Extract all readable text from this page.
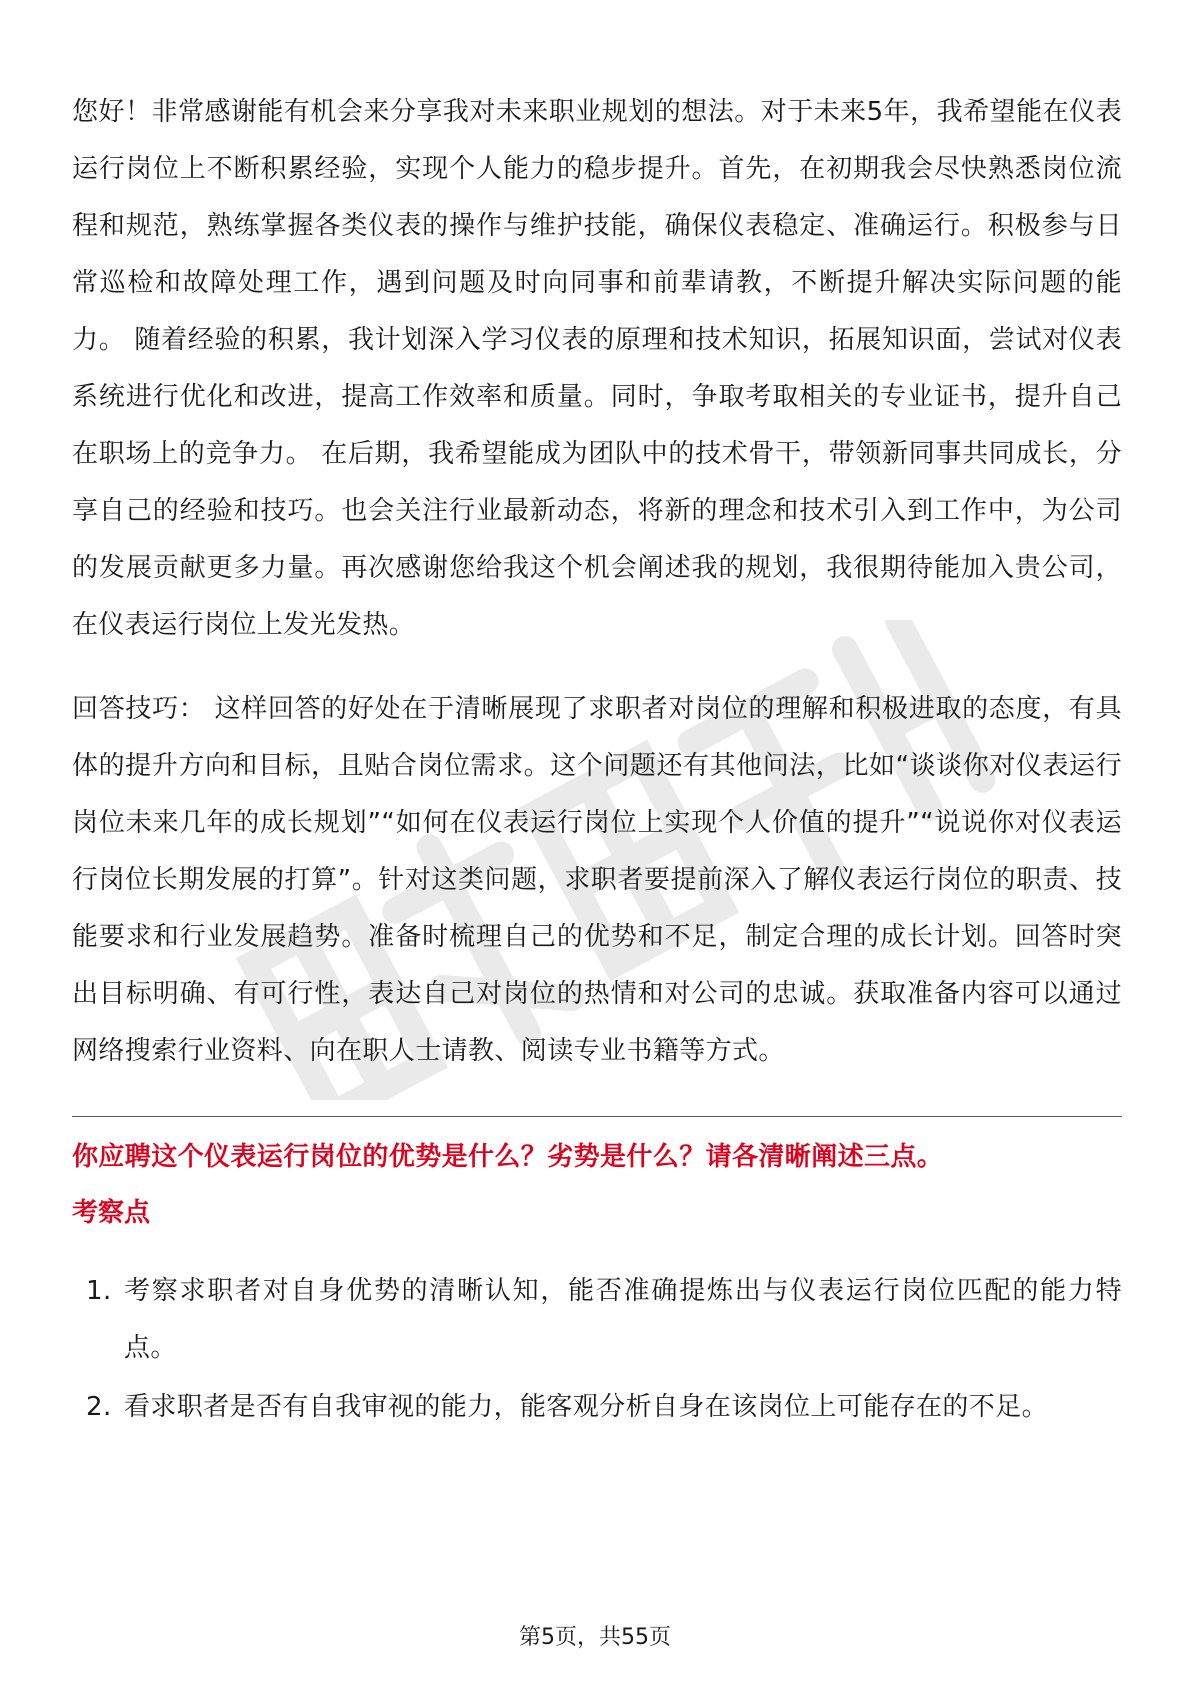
您好！非常感谢能有机会来分享我对未来职业规划的想法。对于未来5年，我希望能在仪表运行岗位上不断积累经验，实现个人能力的稳步提升。首先，在初期我会尽快熟悉岗位流程和规范，熟练掌握各类仪表的操作与维护技能，确保仪表稳定、准确运行。积极参与日常巡检和故障处理工作，遇到问题及时向同事和前辈请教，不断提升解决实际问题的能力。 随着经验的积累，我计划深入学习仪表的原理和技术知识，拓展知识面，尝试对仪表系统进行优化和改进，提高工作效率和质量。同时，争取考取相关的专业证书，提升自己在职场上的竞争力。 在后期，我希望能成为团队中的技术骨干，带领新同事共同成长，分享自己的经验和技巧。也会关注行业最新动态，将新的理念和技术引入到工作中，为公司的发展贡献更多力量。再次感谢您给我这个机会阐述我的规划，我很期待能加入贵公司，在仪表运行岗位上发光发热。

回答技巧： 这样回答的好处在于清晰展现了求职者对岗位的理解和积极进取的态度，有具体的提升方向和目标，且贴合岗位需求。这个问题还有其他问法，比如“谈谈你对仪表运行岗位未来几年的成长规划”“如何在仪表运行岗位上实现个人价值的提升”“说说你对仪表运行岗位长期发展的打算”。针对这类问题，求职者要提前深入了解仪表运行岗位的职责、技能要求和行业发展趋势。准备时梳理自己的优势和不足，制定合理的成长计划。回答时突出目标明确、有可行性，表达自己对岗位的热情和对公司的忠诚。获取准备内容可以通过网络搜索行业资料、向在职人士请教、阅读专业书籍等方式。

你应聘这个仪表运行岗位的优势是什么？劣势是什么？请各清晰阐述三点。
考察点
1. 考察求职者对自身优势的清晰认知，能否准确提炼出与仪表运行岗位匹配的能力特点。
2. 看求职者是否有自我审视的能力，能客观分析自身在该岗位上可能存在的不足。
第5页，共55页
